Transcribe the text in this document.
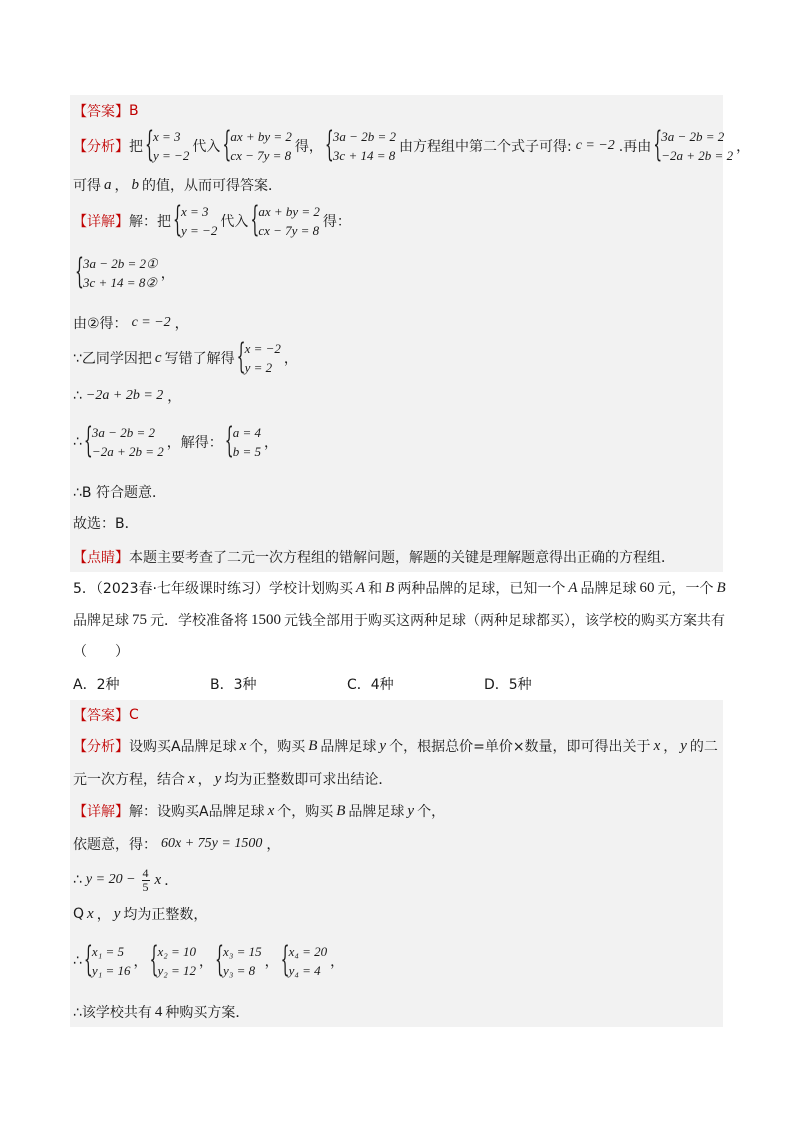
【答案】 B
【分析】 把
{
x = 3
y = −2
代入
{
ax + by = 2
cx − 7y = 8
得，
{
3a − 2b = 2
3c + 14 = 8
由方程组中第二个式子可得: c = −2 .再由
{
3a − 2b = 2
−2a + 2b = 2
，
可得 a ， b 的值，从而可得答案．
【详解】 解：把
{
x = 3
y = −2
代入
{
ax + by = 2
cx − 7y = 8
得：
{
3a − 2b = 2①
3c + 14 = 8②
，
由②得： c = −2 ，
∵乙同学因把 c 写错了解得
{
x = −2
y = 2
，
∴ −2a + 2b = 2 ，
∴
{
3a − 2b = 2
−2a + 2b = 2
，解得：
{
a = 4
b = 5
，
∴B 符合题意．
故选：B．
【点睛】 本题主要考查了二元一次方程组的错解问题，解题的关键是理解题意得出正确的方程组．
5．（2023春·七年级课时练习）学校计划购买 A 和 B 两种品牌的足球，已知一个 A 品牌足球 60 元，一个 B
品牌足球 75 元．学校准备将 1500 元钱全部用于购买这两种足球（两种足球都买），该学校的购买方案共有
（　　）
A．2种	B．3种	C．4种	D．5种
【答案】 C
【分析】 设购买A品牌足球 x 个，购买 B 品牌足球 y 个，根据总价=单价×数量，即可得出关于 x ， y 的二
元一次方程，结合 x ， y 均为正整数即可求出结论．
【详解】 解：设购买A品牌足球 x 个，购买 B 品牌足球 y 个，
依题意，得： 60x + 75y = 1500 ，
∴ $y = 20 - \frac{4}{5}$ x ．
Q x ， y 均为正整数，
∴
{
x₁ = 5
y₁ = 16
，
{
x₂ = 10
y₂ = 12
，
{
x₃ = 15
y₃ = 8
，
{
x₄ = 20
y₄ = 4
，
∴该学校共有 4 种购买方案．
